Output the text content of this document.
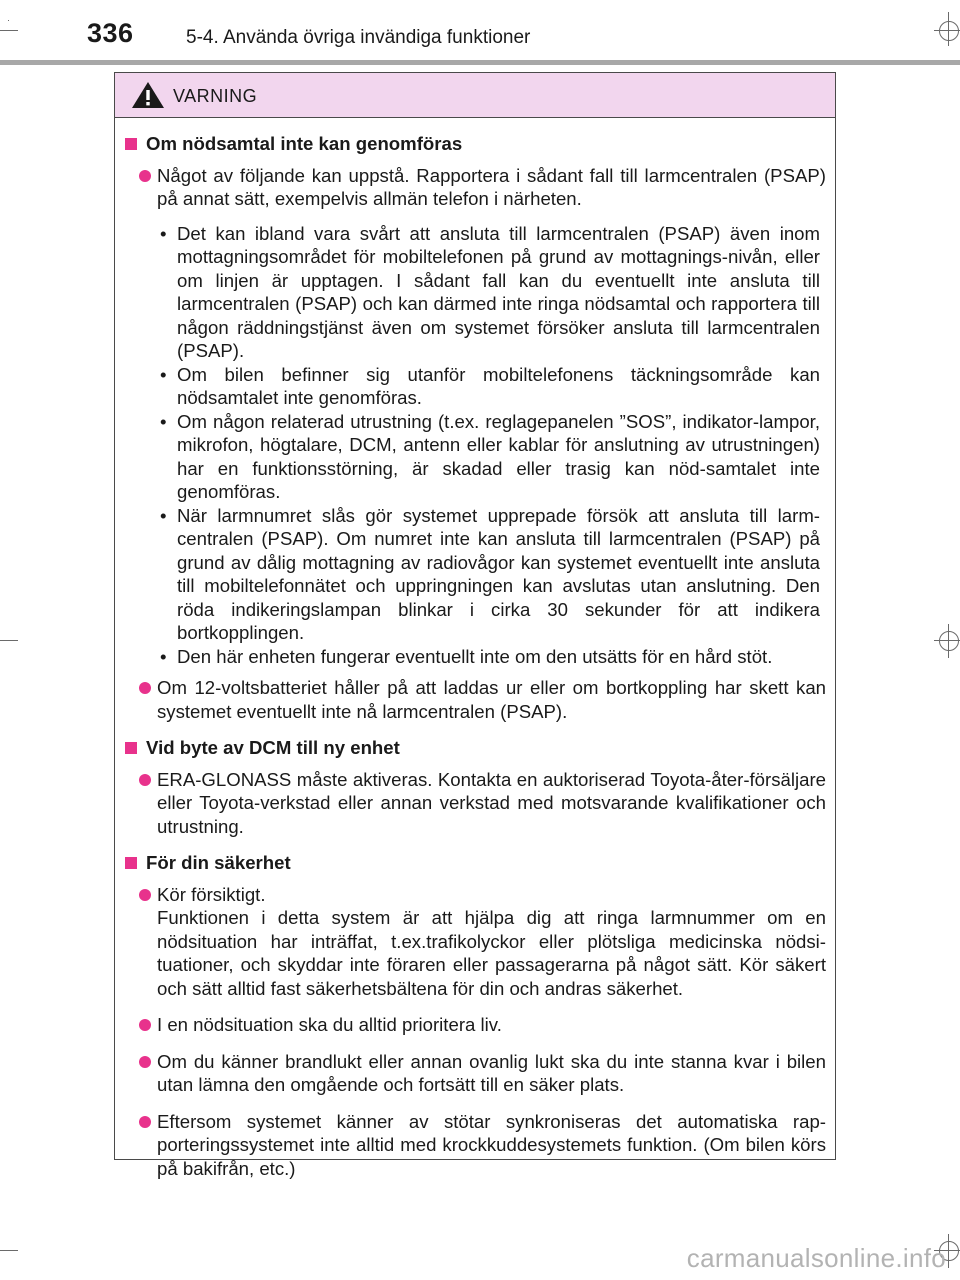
336	5-4. Använda övriga invändiga funktioner
VARNING
Om nödsamtal inte kan genomföras
Något av följande kan uppstå. Rapportera i sådant fall till larmcentralen (PSAP) på annat sätt, exempelvis allmän telefon i närheten.
• Det kan ibland vara svårt att ansluta till larmcentralen (PSAP) även inom mottagningsområdet för mobiltelefonen på grund av mottagnings-nivån, eller om linjen är upptagen. I sådant fall kan du eventuellt inte ansluta till larmcentralen (PSAP) och kan därmed inte ringa nödsamtal och rapportera till någon räddningstjänst även om systemet försöker ansluta till larmcentralen (PSAP).
• Om bilen befinner sig utanför mobiltelefonens täckningsområde kan nödsamtalet inte genomföras.
• Om någon relaterad utrustning (t.ex. reglagepanelen ”SOS”, indikator-lampor, mikrofon, högtalare, DCM, antenn eller kablar för anslutning av utrustningen) har en funktionsstörning, är skadad eller trasig kan nöd-samtalet inte genomföras.
• När larmnumret slås gör systemet upprepade försök att ansluta till larm-centralen (PSAP). Om numret inte kan ansluta till larmcentralen (PSAP) på grund av dålig mottagning av radiovågor kan systemet eventuellt inte ansluta till mobiltelefonnätet och uppringningen kan avslutas utan anslutning. Den röda indikeringslampan blinkar i cirka 30 sekunder för att indikera bortkopplingen.
• Den här enheten fungerar eventuellt inte om den utsätts för en hård stöt.
Om 12-voltsbatteriet håller på att laddas ur eller om bortkoppling har skett kan systemet eventuellt inte nå larmcentralen (PSAP).
Vid byte av DCM till ny enhet
ERA-GLONASS måste aktiveras. Kontakta en auktoriserad Toyota-åter-försäljare eller Toyota-verkstad eller annan verkstad med motsvarande kvalifikationer och utrustning.
För din säkerhet
Kör försiktigt.
Funktionen i detta system är att hjälpa dig att ringa larmnummer om en nödsituation har inträffat, t.ex.trafikolyckor eller plötsliga medicinska nödsi-tuationer, och skyddar inte föraren eller passagerarna på något sätt. Kör säkert och sätt alltid fast säkerhetsbältena för din och andras säkerhet.
I en nödsituation ska du alltid prioritera liv.
Om du känner brandlukt eller annan ovanlig lukt ska du inte stanna kvar i bilen utan lämna den omgående och fortsätt till en säker plats.
Eftersom systemet känner av stötar synkroniseras det automatiska rap-porteringssystemet inte alltid med krockkuddesystemets funktion. (Om bilen körs på bakifrån, etc.)
carmanualsonline.info
